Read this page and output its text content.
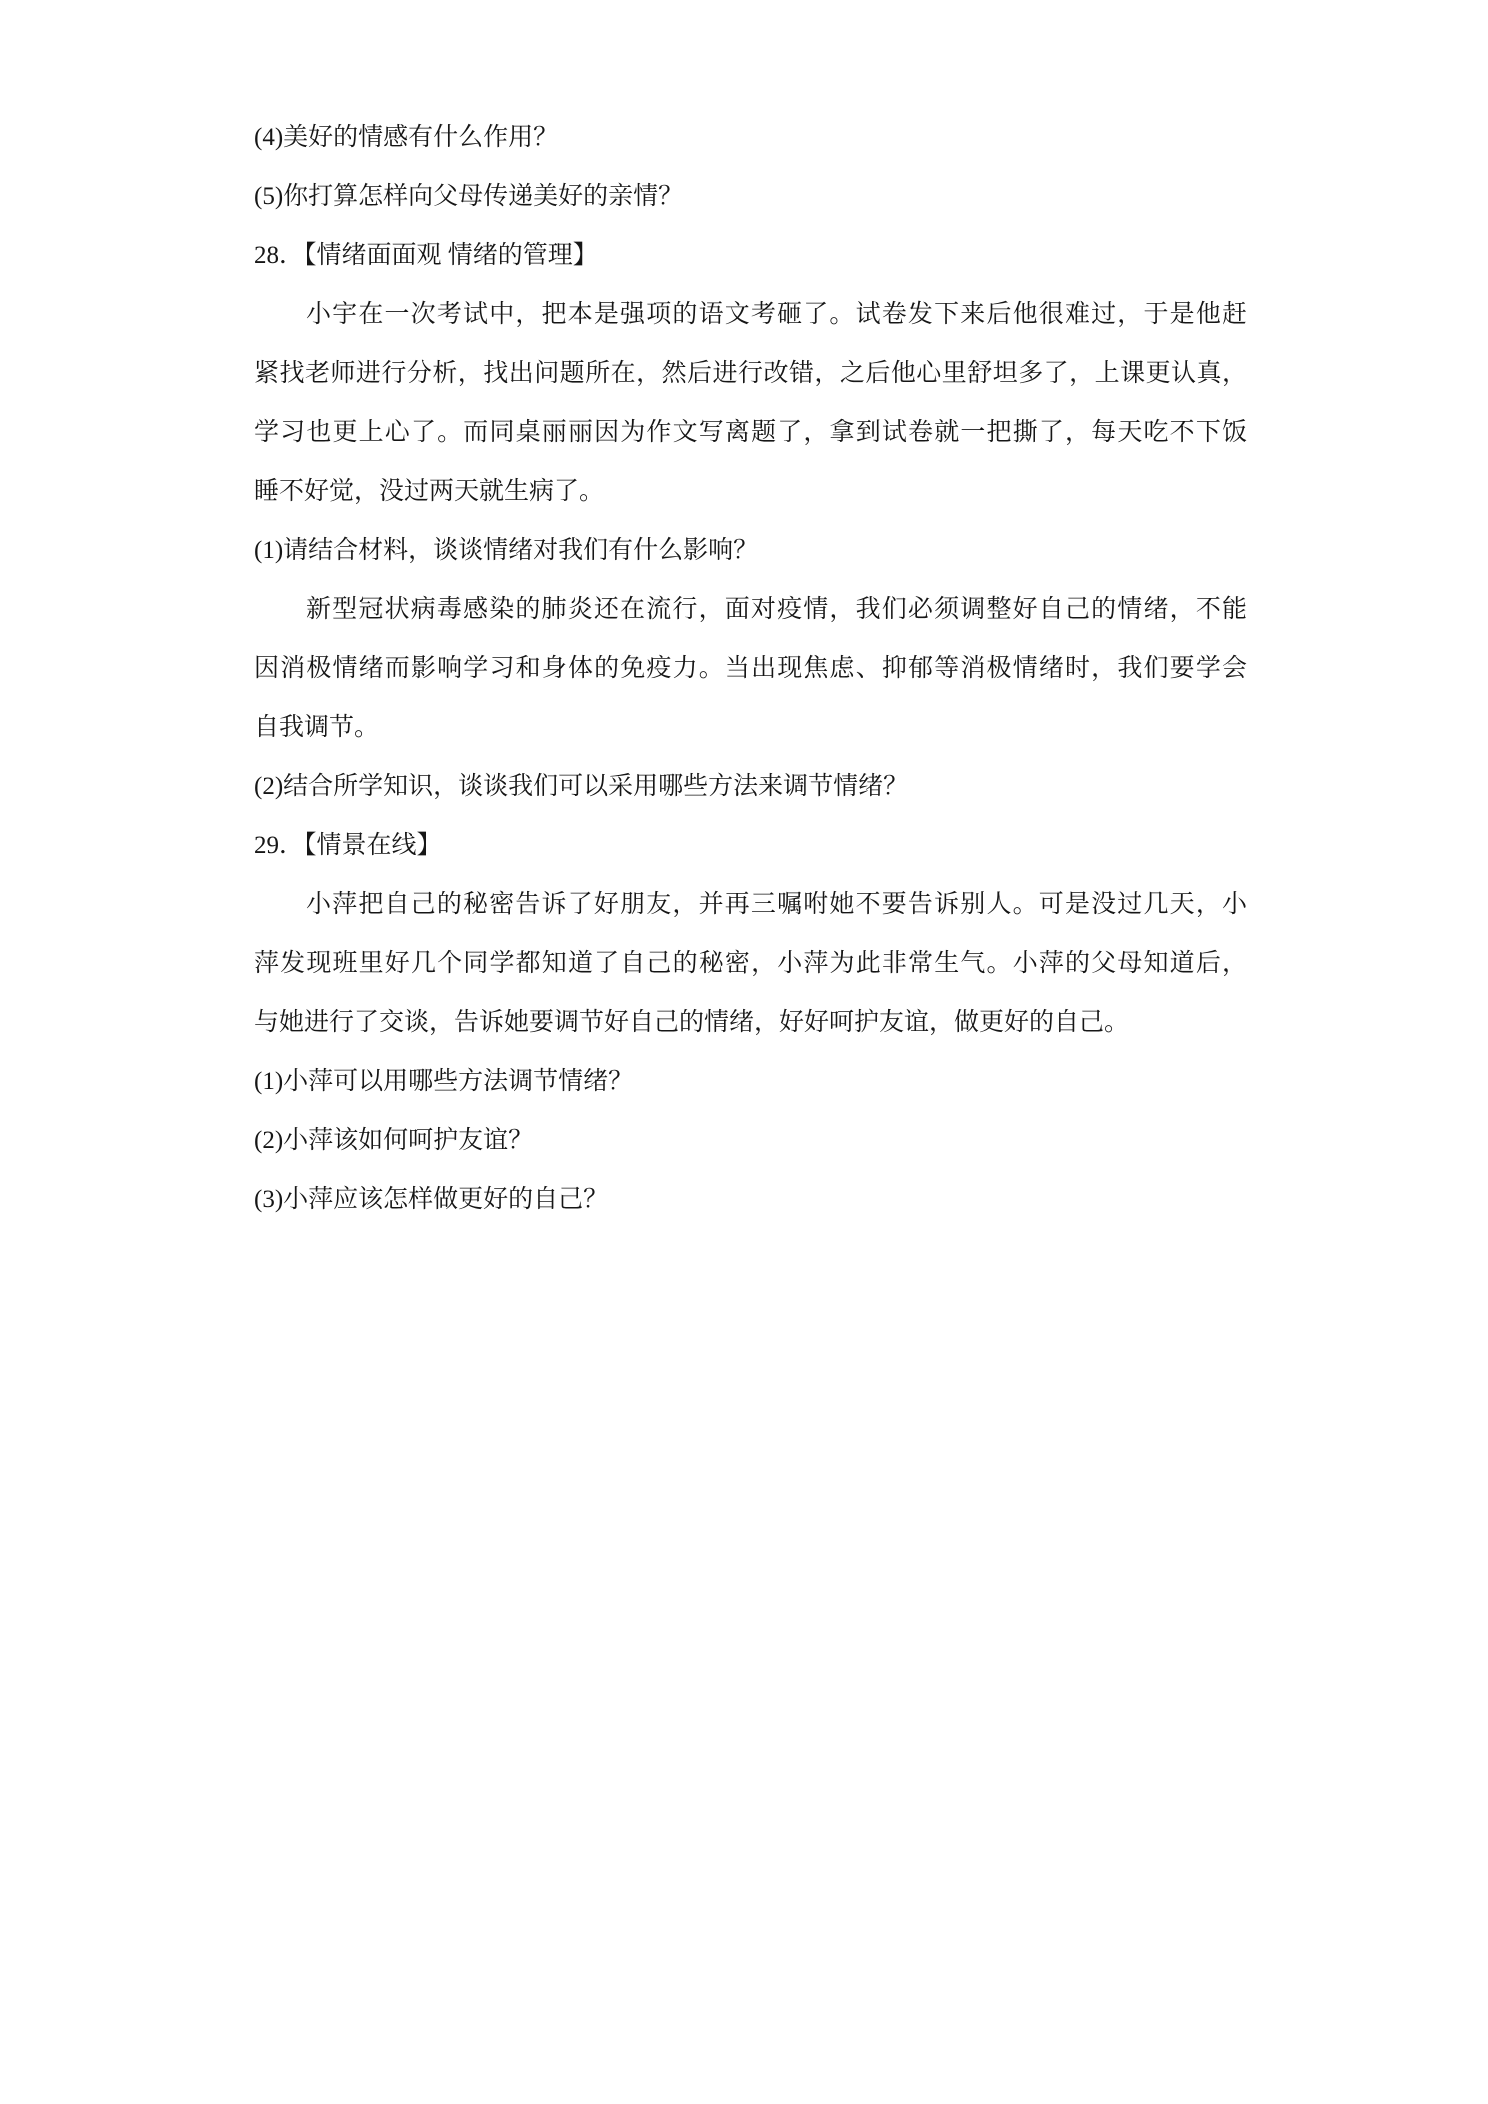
(4)美好的情感有什么作用？
(5)你打算怎样向父母传递美好的亲情？
28．【情绪面面观 情绪的管理】
小宇在一次考试中，把本是强项的语文考砸了。试卷发下来后他很难过，于是他赶
紧找老师进行分析，找出问题所在，然后进行改错，之后他心里舒坦多了，上课更认真，
学习也更上心了。而同桌丽丽因为作文写离题了，拿到试卷就一把撕了，每天吃不下饭
睡不好觉，没过两天就生病了。
(1)请结合材料，谈谈情绪对我们有什么影响？
新型冠状病毒感染的肺炎还在流行，面对疫情，我们必须调整好自己的情绪，不能
因消极情绪而影响学习和身体的免疫力。当出现焦虑、抑郁等消极情绪时，我们要学会
自我调节。
(2)结合所学知识，谈谈我们可以采用哪些方法来调节情绪？
29．【情景在线】
小萍把自己的秘密告诉了好朋友，并再三嘱咐她不要告诉别人。可是没过几天，小
萍发现班里好几个同学都知道了自己的秘密，小萍为此非常生气。小萍的父母知道后，
与她进行了交谈，告诉她要调节好自己的情绪，好好呵护友谊，做更好的自己。
(1)小萍可以用哪些方法调节情绪？
(2)小萍该如何呵护友谊？
(3)小萍应该怎样做更好的自己？
